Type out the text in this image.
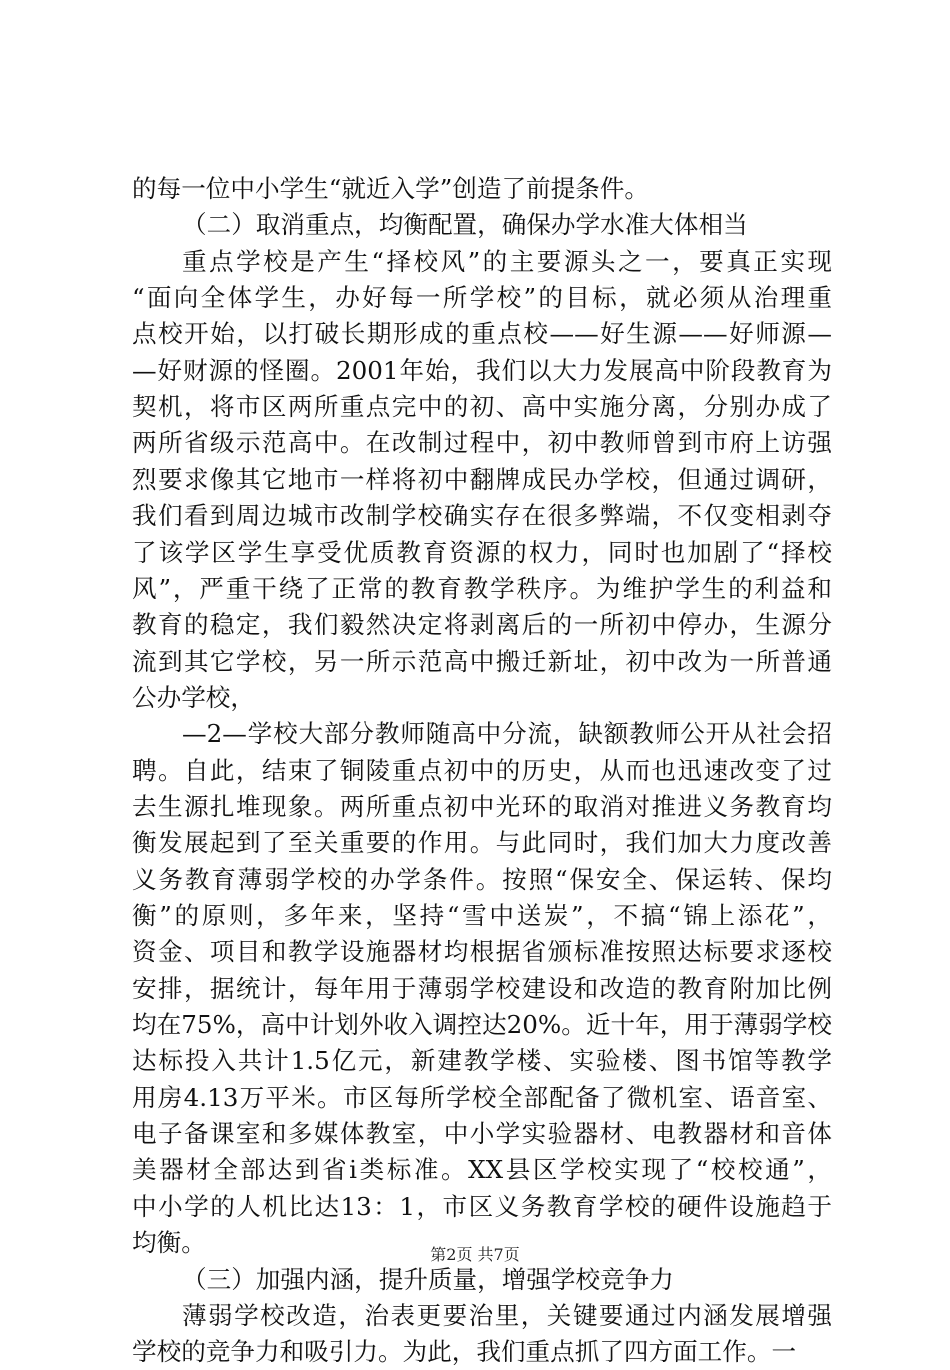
的每一位中小学生“就近入学”创造了前提条件。
（二）取消重点，均衡配置，确保办学水准大体相当
重点学校是产生“择校风”的主要源头之一，要真正实现
“面向全体学生，办好每一所学校”的目标，就必须从治理重
点校开始，以打破长期形成的重点校——好生源——好师源—
—好财源的怪圈。2001年始，我们以大力发展高中阶段教育为
契机，将市区两所重点完中的初、高中实施分离，分别办成了
两所省级示范高中。在改制过程中，初中教师曾到市府上访强
烈要求像其它地市一样将初中翻牌成民办学校，但通过调研，
我们看到周边城市改制学校确实存在很多弊端，不仅变相剥夺
了该学区学生享受优质教育资源的权力，同时也加剧了“择校
风”，严重干绕了正常的教育教学秩序。为维护学生的利益和
教育的稳定，我们毅然决定将剥离后的一所初中停办，生源分
流到其它学校，另一所示范高中搬迁新址，初中改为一所普通
公办学校，
—2—学校大部分教师随高中分流，缺额教师公开从社会招
聘。自此，结束了铜陵重点初中的历史，从而也迅速改变了过
去生源扎堆现象。两所重点初中光环的取消对推进义务教育均
衡发展起到了至关重要的作用。与此同时，我们加大力度改善
义务教育薄弱学校的办学条件。按照“保安全、保运转、保均
衡”的原则，多年来，坚持“雪中送炭”，不搞“锦上添花”，
资金、项目和教学设施器材均根据省颁标准按照达标要求逐校
安排，据统计，每年用于薄弱学校建设和改造的教育附加比例
均在75%，高中计划外收入调控达20%。近十年，用于薄弱学校
达标投入共计1.5亿元，新建教学楼、实验楼、图书馆等教学
用房4.13万平米。市区每所学校全部配备了微机室、语音室、
电子备课室和多媒体教室，中小学实验器材、电教器材和音体
美器材全部达到省i类标准。XX县区学校实现了“校校通”，
中小学的人机比达13：1，市区义务教育学校的硬件设施趋于
均衡。
（三）加强内涵，提升质量，增强学校竞争力
薄弱学校改造，治表更要治里，关键要通过内涵发展增强
学校的竞争力和吸引力。为此，我们重点抓了四方面工作。一
第2页 共7页
